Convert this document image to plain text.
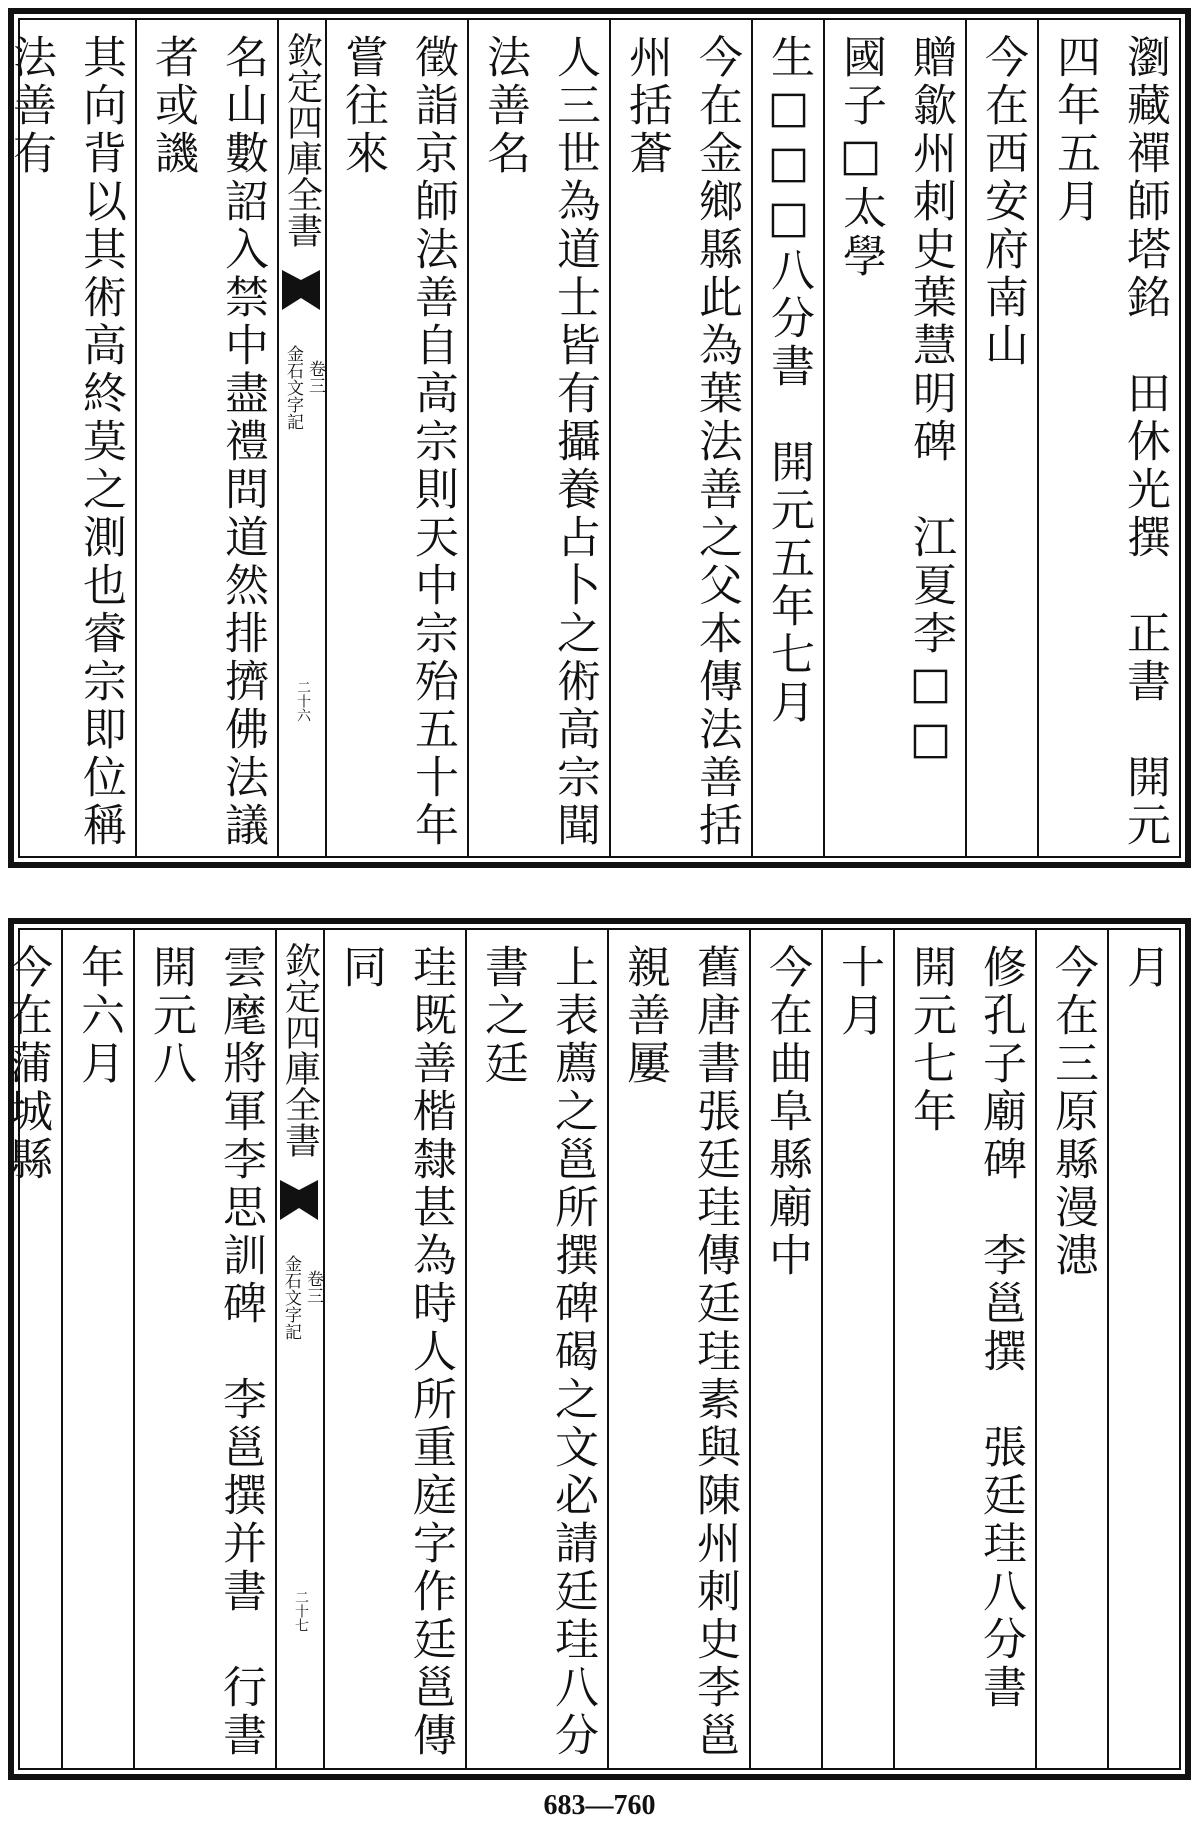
瀏藏禪師塔銘　田休光撰　正書　開元四年五月
今在西安府南山
贈歙州刺史葉慧明碑　江夏李□□　國子□太學
生□□□八分書　開元五年七月
今在金鄉縣此為葉法善之父本傳法善括州括蒼
人三世為道士皆有攝養占卜之術高宗聞法善名
徵詣京師法善自高宗則天中宗殆五十年嘗往來
欽定四庫全書
金石文字記 卷三
二十六
名山數詔入禁中盡禮問道然排擠佛法議者或譏
其向背以其術高終莫之測也睿宗即位稱法善有
月
今在三原縣漫漶
修孔子廟碑　李邕撰　張廷珪八分書　開元七年
十月
今在曲阜縣廟中
舊唐書張廷珪傳廷珪素與陳州刺史李邕親善屢
上表薦之邕所撰碑碣之文必請廷珪八分書之廷
珪既善楷隸甚為時人所重庭字作廷邕傳同
欽定四庫全書
金石文字記 卷三
二十七
雲麾將軍李思訓碑　李邕撰并書　行書　開元八
年六月
今在蒲城縣
683—760
